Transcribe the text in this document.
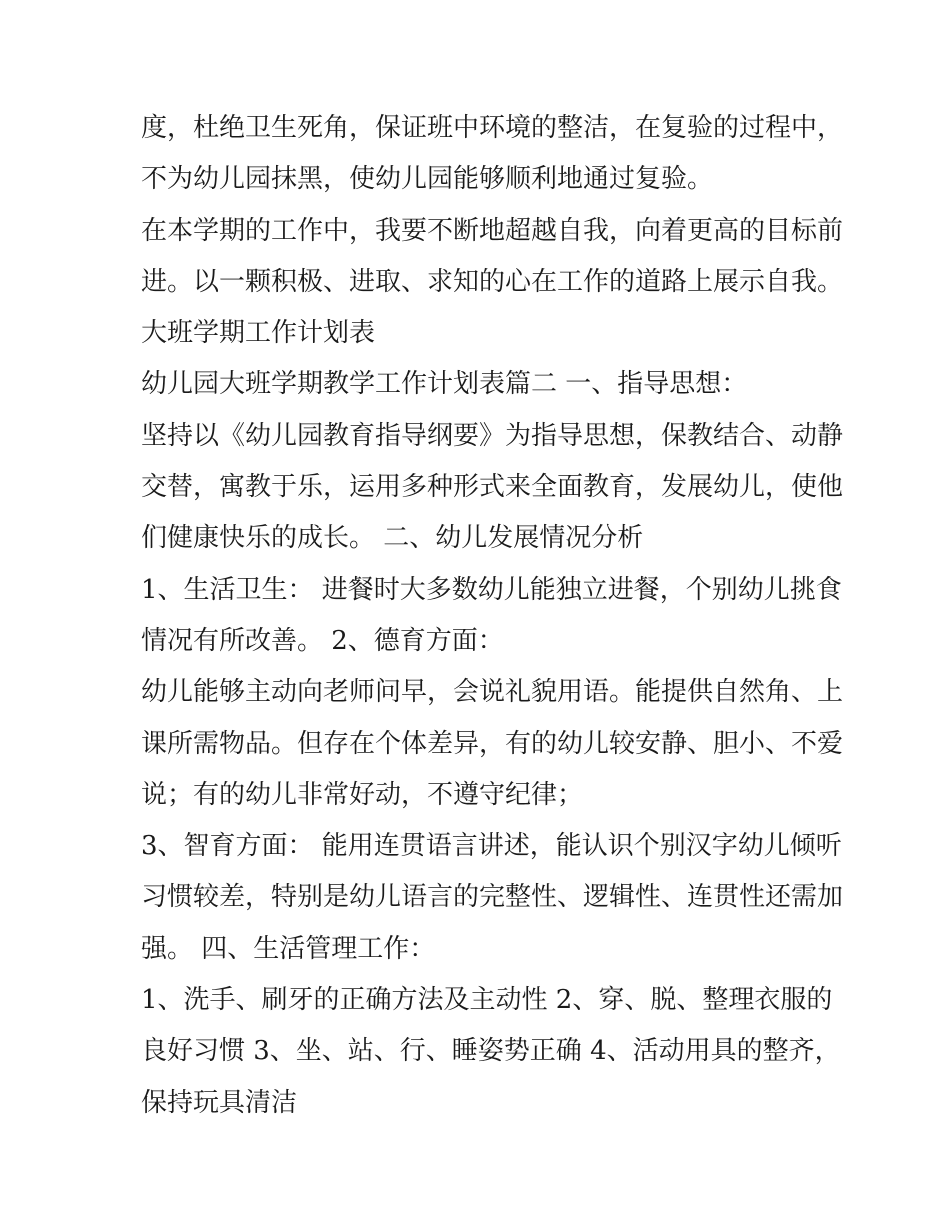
度，杜绝卫生死角，保证班中环境的整洁，在复验的过程中，
不为幼儿园抹黑，使幼儿园能够顺利地通过复验。
在本学期的工作中，我要不断地超越自我，向着更高的目标前
进。以一颗积极、进取、求知的心在工作的道路上展示自我。
大班学期工作计划表
幼儿园大班学期教学工作计划表篇二 一、指导思想：
坚持以《幼儿园教育指导纲要》为指导思想，保教结合、动静
交替，寓教于乐，运用多种形式来全面教育，发展幼儿，使他
们健康快乐的成长。 二、幼儿发展情况分析
1、生活卫生： 进餐时大多数幼儿能独立进餐，个别幼儿挑食
情况有所改善。 2、德育方面：
幼儿能够主动向老师问早，会说礼貌用语。能提供自然角、上
课所需物品。但存在个体差异，有的幼儿较安静、胆小、不爱
说；有的幼儿非常好动，不遵守纪律；
3、智育方面： 能用连贯语言讲述，能认识个别汉字幼儿倾听
习惯较差，特别是幼儿语言的完整性、逻辑性、连贯性还需加
强。 四、生活管理工作：
1、洗手、刷牙的正确方法及主动性 2、穿、脱、整理衣服的
良好习惯 3、坐、站、行、睡姿势正确 4、活动用具的整齐，
保持玩具清洁
